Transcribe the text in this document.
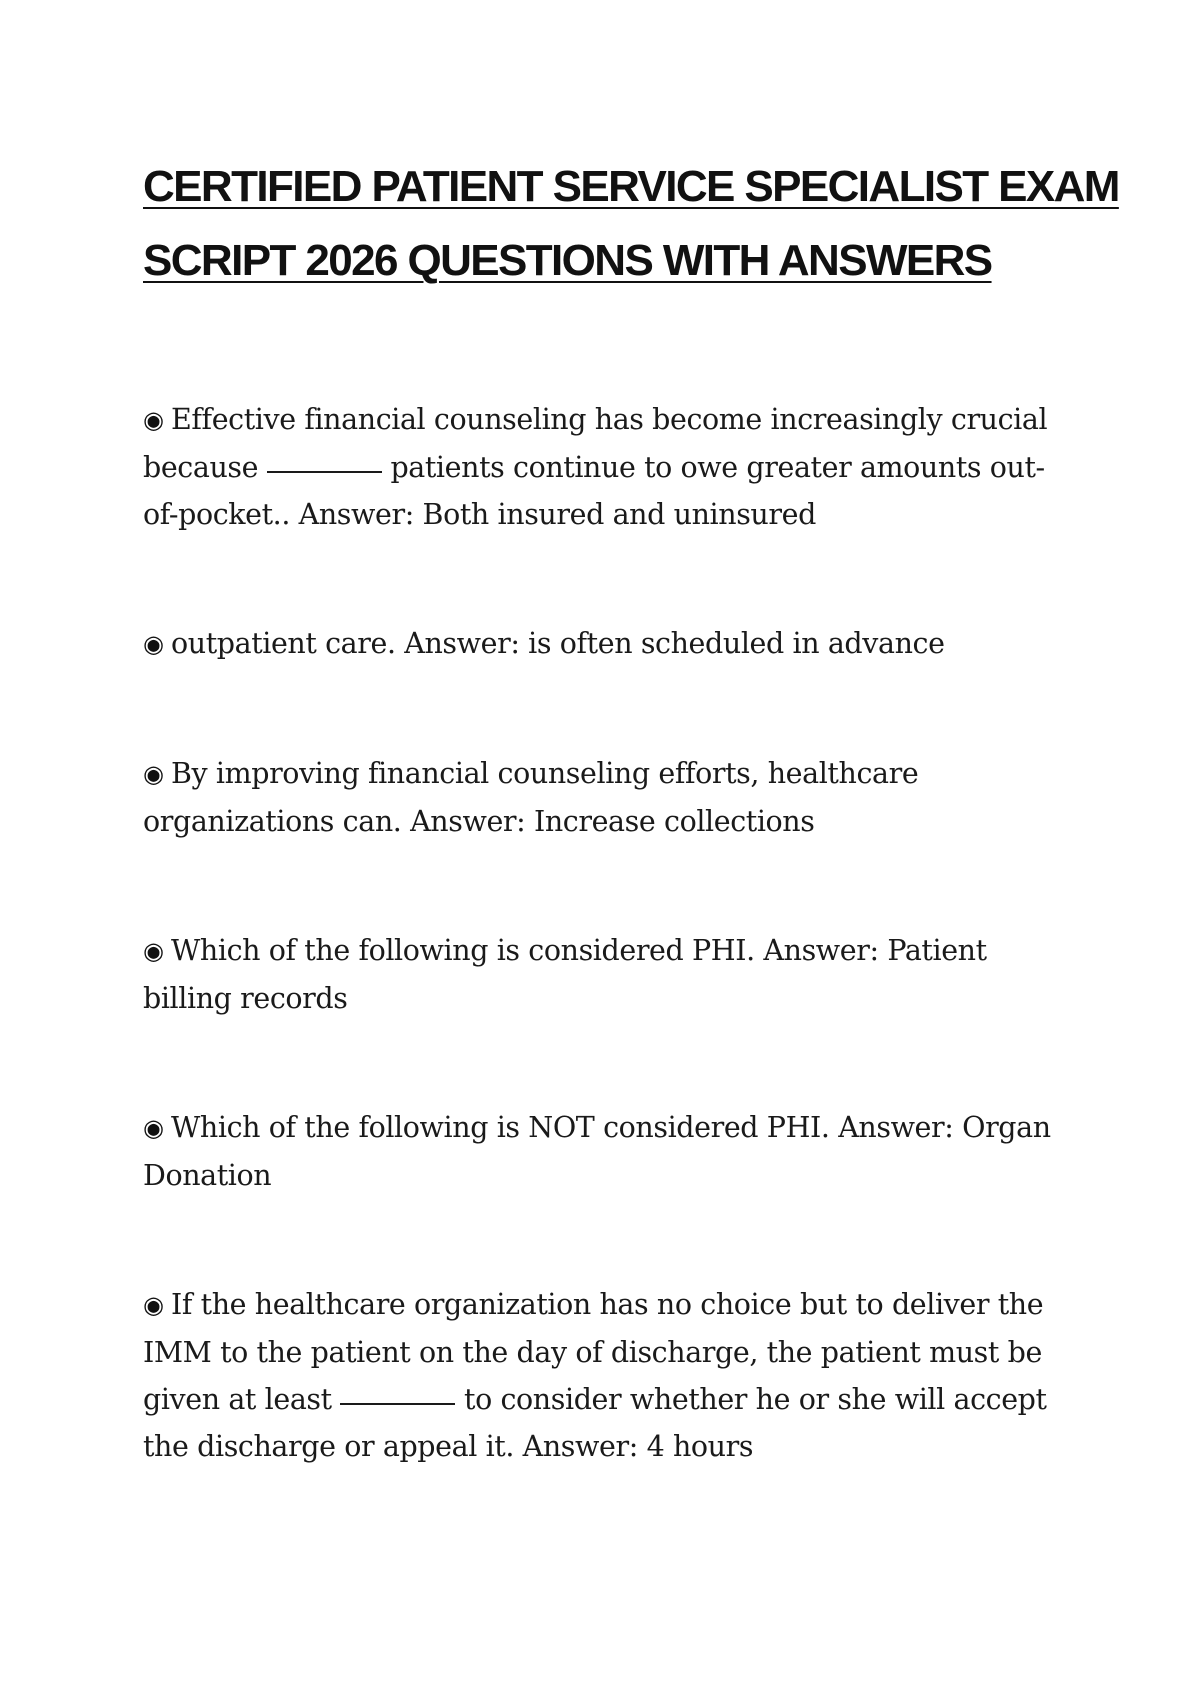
CERTIFIED PATIENT SERVICE SPECIALIST EXAM
SCRIPT 2026 QUESTIONS WITH ANSWERS

◉ Effective financial counseling has become increasingly crucial because	patients continue to owe greater amounts out-of-pocket.. Answer: Both insured and uninsured

◉ outpatient care. Answer: is often scheduled in advance

◉ By improving financial counseling efforts, healthcare organizations can. Answer: Increase collections

◉ Which of the following is considered PHI. Answer: Patient billing records

◉ Which of the following is NOT considered PHI. Answer: Organ Donation

◉ If the healthcare organization has no choice but to deliver the IMM to the patient on the day of discharge, the patient must be given at least	to consider whether he or she will accept the discharge or appeal it. Answer: 4 hours
